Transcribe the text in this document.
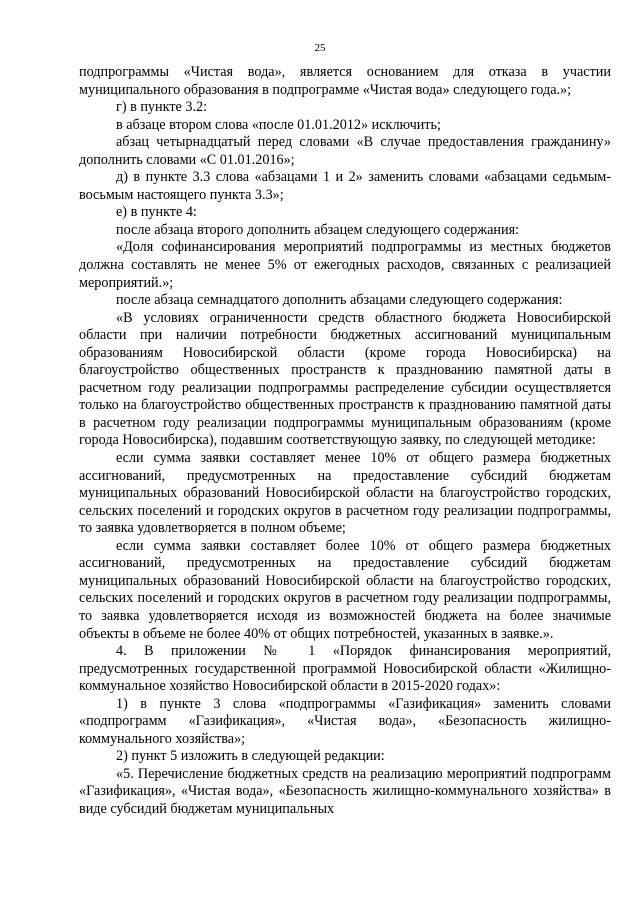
25

подпрограммы «Чистая вода», является основанием для отказа в участии муниципального образования в подпрограмме «Чистая вода» следующего года.»;

г) в пункте 3.2:

в абзаце втором слова «после 01.01.2012» исключить;

абзац четырнадцатый перед словами «В случае предоставления гражданину» дополнить словами «С 01.01.2016»;

д) в пункте 3.3 слова «абзацами 1 и 2» заменить словами «абзацами седьмым-восьмым настоящего пункта 3.3»;

е) в пункте 4:

после абзаца второго дополнить абзацем следующего содержания:

«Доля софинансирования мероприятий подпрограммы из местных бюджетов должна составлять не менее 5% от ежегодных расходов, связанных с реализацией мероприятий.»;

после абзаца семнадцатого дополнить абзацами следующего содержания:

«В условиях ограниченности средств областного бюджета Новосибирской области при наличии потребности бюджетных ассигнований муниципальным образованиям Новосибирской области (кроме города Новосибирска) на благоустройство общественных пространств к празднованию памятной даты в расчетном году реализации подпрограммы распределение субсидии осуществляется только на благоустройство общественных пространств к празднованию памятной даты в расчетном году реализации подпрограммы муниципальным образованиям (кроме города Новосибирска), подавшим соответствующую заявку, по следующей методике:

если сумма заявки составляет менее 10% от общего размера бюджетных ассигнований, предусмотренных на предоставление субсидий бюджетам муниципальных образований Новосибирской области на благоустройство городских, сельских поселений и городских округов в расчетном году реализации подпрограммы, то заявка удовлетворяется в полном объеме;

если сумма заявки составляет более 10% от общего размера бюджетных ассигнований, предусмотренных на предоставление субсидий бюджетам муниципальных образований Новосибирской области на благоустройство городских, сельских поселений и городских округов в расчетном году реализации подпрограммы, то заявка удовлетворяется исходя из возможностей бюджета на более значимые объекты в объеме не более 40% от общих потребностей, указанных в заявке.».

4. В приложении № 1 «Порядок финансирования мероприятий, предусмотренных государственной программой Новосибирской области «Жилищно-коммунальное хозяйство Новосибирской области в 2015-2020 годах»:

1) в пункте 3 слова «подпрограммы «Газификация» заменить словами «подпрограмм «Газификация», «Чистая вода», «Безопасность жилищно-коммунального хозяйства»;

2) пункт 5 изложить в следующей редакции:

«5. Перечисление бюджетных средств на реализацию мероприятий подпрограмм «Газификация», «Чистая вода», «Безопасность жилищно-коммунального хозяйства» в виде субсидий бюджетам муниципальных
